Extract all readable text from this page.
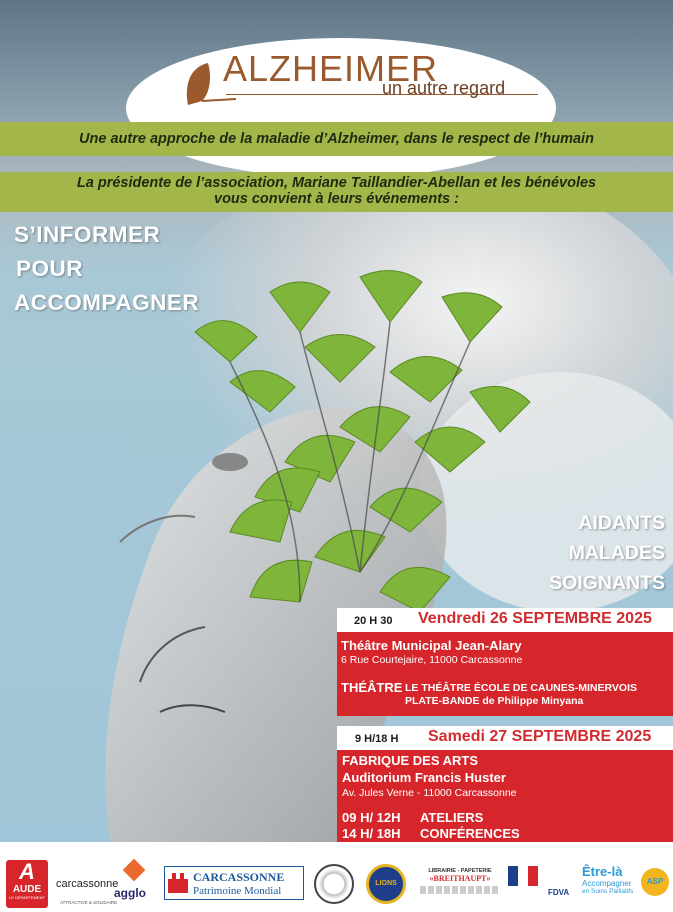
ALZHEIMER
un autre regard
Une autre approche de la maladie d’Alzheimer, dans le respect de l’humain
La présidente de l’association, Mariane Taillandier-Abellan et les bénévoles
vous convient à leurs événements :
S’INFORMER
POUR
ACCOMPAGNER
AIDANTS
MALADES
SOIGNANTS
20 H 30 Vendredi 26 SEPTEMBRE 2025
Théâtre Municipal Jean-Alary
6 Rue Courtejaire, 11000 Carcassonne
THÉÂTRE LE THÉÂTRE ÉCOLE DE CAUNES-MINERVOIS
PLATE-BANDE de Philippe Minyana
9 H/18 H Samedi 27 SEPTEMBRE 2025
FABRIQUE DES ARTS
Auditorium Francis Huster
Av. Jules Verne - 11000 Carcassonne
09 H/ 12H ATELIERS
14 H/ 18H CONFÉRENCES
A
AUDE
LE DÉPARTEMENT
carcassonne
agglo
ATTRACTIVE & SOLIDAIRE
CARCASSONNE
Patrimoine Mondial
LIONS
LIBRAIRIE - PAPETERIE
«BREITHAUPT»
FDVA
Être-là
Accompagner
en Soins Palliatifs
ASP
